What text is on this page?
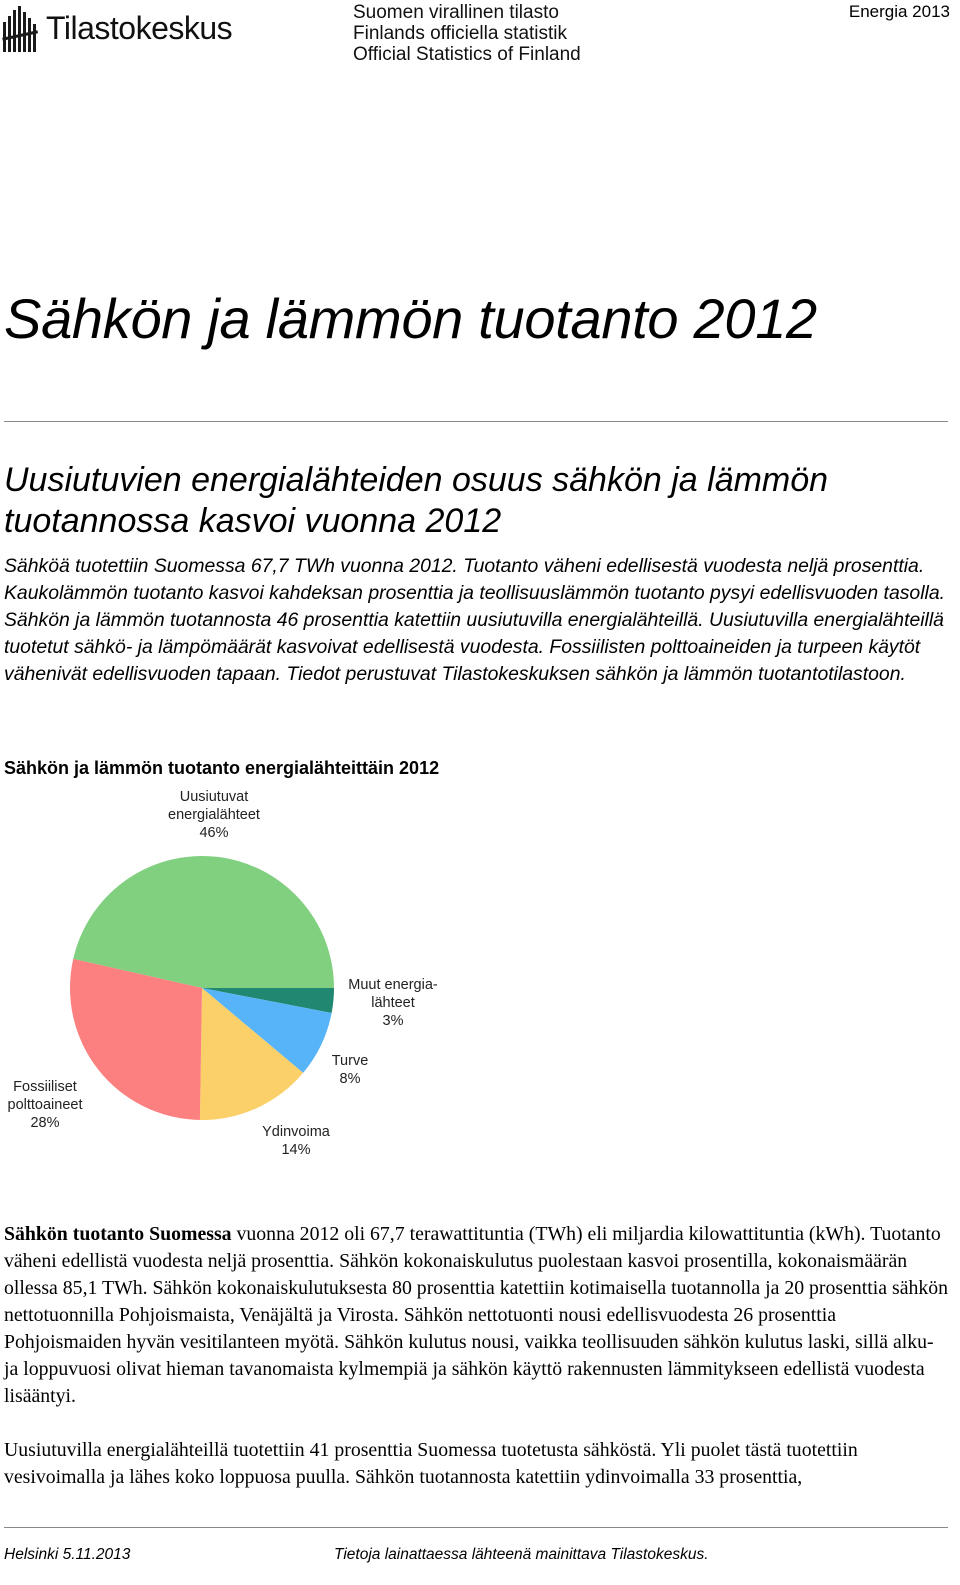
Tilastokeskus	Suomen virallinen tilasto
Finlands officiella statistik
Official Statistics of Finland
Energia 2013
Sähkön ja lämmön tuotanto 2012
Uusiutuvien energialähteiden osuus sähkön ja lämmön tuotannossa kasvoi vuonna 2012
Sähköä tuotettiin Suomessa 67,7 TWh vuonna 2012. Tuotanto väheni edellisestä vuodesta neljä prosenttia. Kaukolämmön tuotanto kasvoi kahdeksan prosenttia ja teollisuuslämmön tuotanto pysyi edellisvuoden tasolla. Sähkön ja lämmön tuotannosta 46 prosenttia katettiin uusiutuvilla energialähteillä. Uusiutuvilla energialähteillä tuotetut sähkö- ja lämpömäärät kasvoivat edellisestä vuodesta. Fossiilisten polttoaineiden ja turpeen käytöt vähenivät edellisvuoden tapaan. Tiedot perustuvat Tilastokeskuksen sähkön ja lämmön tuotantotilastoon.
Sähkön ja lämmön tuotanto energialähteittäin 2012
Uusiutuvat
energialähteet
46%
Muut energia-
lähteet
3%
Turve
8%
Ydinvoima
14%
Fossiiliset
polttoaineet
28%
Sähkön tuotanto Suomessa vuonna 2012 oli 67,7 terawattituntia (TWh) eli miljardia kilowattituntia (kWh). Tuotanto väheni edellistä vuodesta neljä prosenttia. Sähkön kokonaiskulutus puolestaan kasvoi prosentilla, kokonaismäärän ollessa 85,1 TWh. Sähkön kokonaiskulutuksesta 80 prosenttia katettiin kotimaisella tuotannolla ja 20 prosenttia sähkön nettotuonnilla Pohjoismaista, Venäjältä ja Virosta. Sähkön nettotuonti nousi edellisvuodesta 26 prosenttia Pohjoismaiden hyvän vesitilanteen myötä. Sähkön kulutus nousi, vaikka teollisuuden sähkön kulutus laski, sillä alku- ja loppuvuosi olivat hieman tavanomaista kylmempiä ja sähkön käyttö rakennusten lämmitykseen edellistä vuodesta lisääntyi.
Uusiutuvilla energialähteillä tuotettiin 41 prosenttia Suomessa tuotetusta sähköstä. Yli puolet tästä tuotettiin vesivoimalla ja lähes koko loppuosa puulla. Sähkön tuotannosta katettiin ydinvoimalla 33 prosenttia,
Helsinki 5.11.2013	Tietoja lainattaessa lähteenä mainittava Tilastokeskus.
